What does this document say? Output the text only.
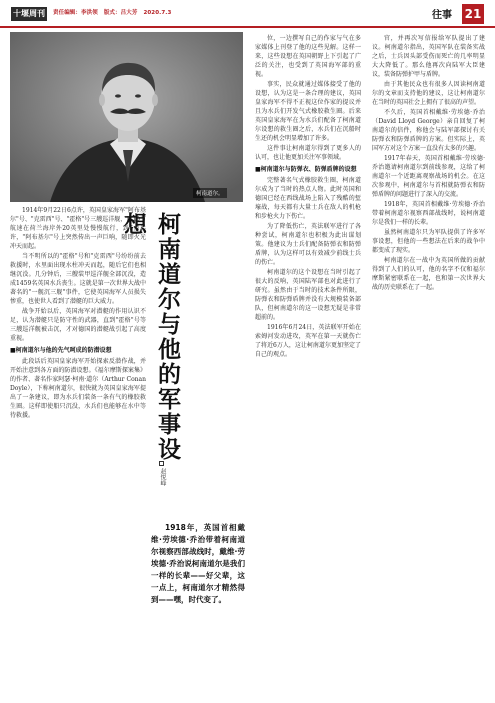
十堰周刊	责任编辑：李洪领 版式：吕大芳 2020.7.3	往事 21
柯南道尔。

1914年9月22日6点许，英国皇家海军"阿布基尔"号、"克雷西"号、"霍格"号三艘巡洋舰，以10节航速在荷兰海岸外20英里处慢慢航行，到6点半许，"阿布基尔"号上突然传出一声巨响，随即火光冲天而起。

当不明所以的"霍格"号和"克雷西"号纷纷前去救援时，水里面出现水柱冲天而起，随后它们也相继沉没。几分钟后，三艘装甲巡洋舰全部沉没，造成1459名英国水兵丧生。这就是第一次世界大战中著名的"一舰沉三舰"事件，它使英国海军人员损失惨重，也使世人看到了潜艇的巨大威力。

战争开始以后，英国海军对潜艇的作用认识不足，认为潜艇只是防守性的武器，直到"霍格"号等三艘巡洋舰被击沉，才对德国的潜艇战引起了高度重视。

■柯南道尔与他的先气呵成的防潜设想

此段话后英国皇家海军开始探索反潜作战，并开始注意到各方面的防潜设想。《福尔摩斯探案集》的作者、著名作家阿瑟·柯南·道尔（Arthur Conan Doyle），下称柯南道尔，很快就为英国皇家海军提出了一条建议，即为水兵们装备一条有气的橡胶救生圈。这样即使船只沉没，水兵们也能够在水中等待救援。	柯南道尔与他的军事设想
赵悦峰
1918年，英国首相戴维·劳埃德·乔治带着柯南道尔视察西部战线时，戴维·劳埃德·乔治说柯南道尔是我们一样的长辈——好父辈，这一点上，柯南道尔才精然得到——嘿，时代变了。

位，一边撰写自己的作家与气在多家媒体上刊登了他的这些见解。这样一来，这些设想在英国朝野上下引起了广泛的关注，也受到了英国海军部的重视。

事实，民众就通过媒体接受了他的设想，认为这是一条合理的建议，英国皇家海军不得不正视这位作家的提议并且为水兵们开发气式橡胶救生圈。后来英国皇家海军在为水兵们配备了柯南道尔设想的救生圈之后，水兵们在沉船时生还的机会明显增加了许多。

这件事让柯南道尔得到了更多人的认可，也让他更加关注军事领域。

■柯南道尔与防弹衣、防弹盾牌的设想

完整著名气式橡胶救生圈，柯南道尔成为了当时的热点人物。此时英国和德国已经在西线战场上陷入了残酷的堑壕战，每天都有大量士兵在敌人的机枪和步枪火力下伤亡。

为了降低伤亡，英法联军进行了各种尝试，柯南道尔也积极为此出谋划策。他建议为士兵们配备防弹衣和防弹盾牌，认为这样可以有效减少前线士兵的伤亡。

柯南道尔的这个设想在当时引起了很大的反响，英国陆军部也对此进行了研究。虽然由于当时的技术条件所限，防弹衣和防弹盾牌并没有大规模装备部队，但柯南道尔的这一设想无疑是非常超前的。

1916年6月24日，英法联军开始在索姆河发动进攻，英军在第一天就伤亡了将近6万人，这让柯南道尔更加坚定了自己的观点。

官，并再次写信报给军队提出了建议。柯南道尔指出，英国军队在装备实战之后，士兵因头部受伤而死亡的几率明显大大降低了。那么他再次向陆军大臣建议，装备防弹护甲与盾牌。

由于其他民众也有很多人因读柯南道尔的文章而支持他的建议，这让柯南道尔在当时的英国社会上拥有了很高的声望。

不久后，英国首相戴维·劳埃德·乔治（David Lloyd George）亲自回复了柯南道尔的信件，称他会与陆军部探讨有关防弹衣和防弹盾牌的方案。但实际上，英国军方对这个方案一直没有太多的兴趣。

1917年春天，英国首相戴维·劳埃德·乔治邀请柯南道尔到前线参观，这给了柯南道尔一个近距离观察战场的机会。在这次参观中，柯南道尔与首相就防弹衣和防弹盾牌的问题进行了深入的交流。

1918年，英国首相戴维·劳埃德·乔治带着柯南道尔视察西部战线时，说柯南道尔是我们一样的长辈。

虽然柯南道尔只为军队提供了许多军事设想，但他的一些想法在后来的战争中都变成了现实。

柯南道尔在一战中为英国所做的贡献得到了人们的认可，他的名字不仅和福尔摩斯紧密联系在一起，也和第一次世界大战的历史联系在了一起。
